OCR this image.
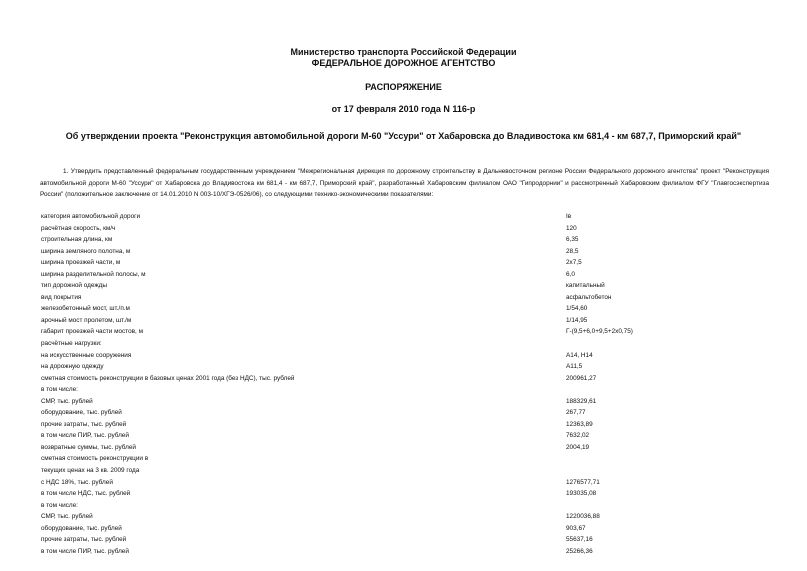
Министерство транспорта Российской Федерации
ФЕДЕРАЛЬНОЕ ДОРОЖНОЕ АГЕНТСТВО
РАСПОРЯЖЕНИЕ
от 17 февраля 2010 года N 116-р
Об утверждении проекта "Реконструкция автомобильной дороги М-60 "Уссури" от Хабаровска до Владивостока км 681,4 - км 687,7, Приморский край"
1. Утвердить представленный федеральным государственным учреждением "Межрегиональная дирекция по дорожному строительству в Дальневосточном регионе России Федерального дорожного агентства" проект "Реконструкция автомобильной дороги М-60 "Уссури" от Хабаровска до Владивостока км 681,4 - км 687,7, Приморский край", разработанный Хабаровским филиалом ОАО "Гипродорнии" и рассмотренный Хабаровским филиалом ФГУ "Главгосэкспертиза России" (положительное заключение от 14.01.2010 N 003-10/ХГЭ-0526/06), со следующими технико-экономическими показателями:
категория автомобильной дороги	Iв
расчётная скорость, км/ч	120
строительная длина, км	6,35
ширина земляного полотна, м	28,5
ширина проезжей части, м	2х7,5
ширина разделительной полосы, м	6,0
тип дорожной одежды	капитальный
вид покрытия	асфальтобетон
железобетонный мост, шт./п.м	1/54,60
арочный мост пролетом, шт./м	1/14,95
габарит проезжей части мостов, м	Г-(9,5+6,0+9,5+2х0,75)
расчётные нагрузки:
на искусственные сооружения	А14, Н14
на дорожную одежду	А11,5
сметная стоимость реконструкции в базовых ценах 2001 года (без НДС), тыс. рублей	200961,27
в том числе:
СМР, тыс. рублей	188329,61
оборудование, тыс. рублей	267,77
прочие затраты, тыс. рублей	12363,89
в том числе ПИР, тыс. рублей	7632,02
возвратные суммы, тыс. рублей	2004,19
сметная стоимость реконструкции в
текущих ценах на 3 кв. 2009 года
с НДС 18%, тыс. рублей	1276577,71
в том числе НДС, тыс. рублей	193035,08
в том числе:
СМР, тыс. рублей	1220036,88
оборудование, тыс. рублей	903,67
прочие затраты, тыс. рублей	55637,16
в том числе ПИР, тыс. рублей	25266,36
